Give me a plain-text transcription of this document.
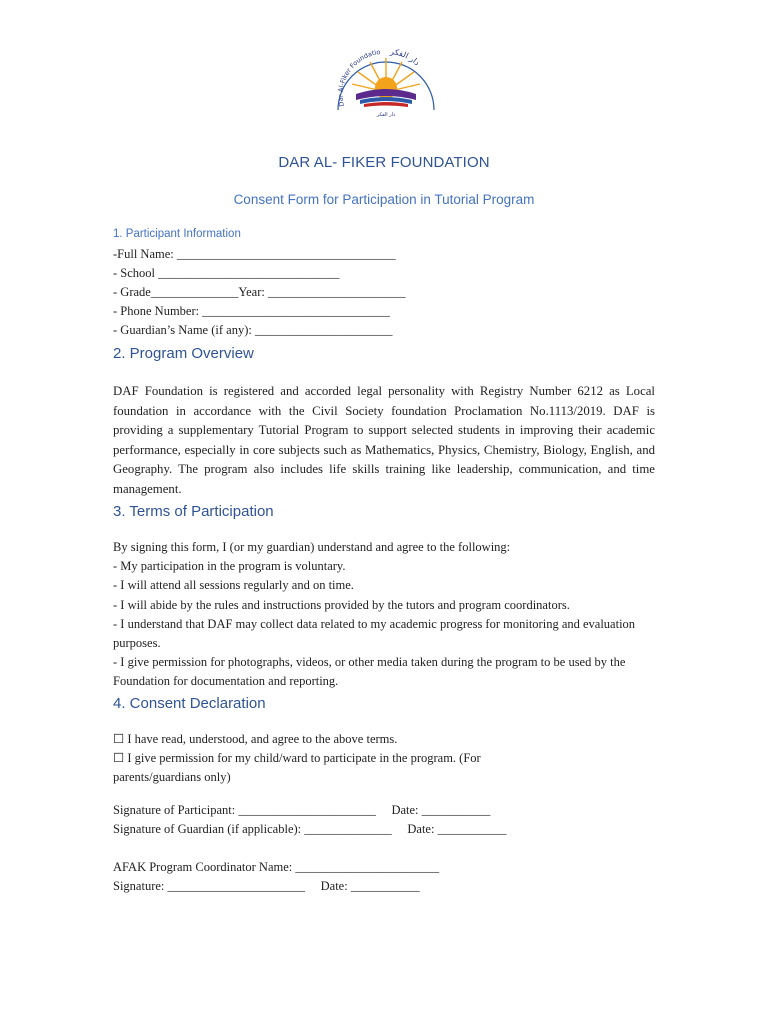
Dar Al-Fiker Foundatio دار الفكر
دار الفكر
DAR AL- FIKER FOUNDATION
Consent Form for Participation in Tutorial Program
1. Participant Information
-Full Name: ___________________________________
- School _____________________________
- Grade______________Year: ______________________
- Phone Number: ______________________________
- Guardian’s Name (if any): ______________________
2. Program Overview
DAF Foundation is registered and accorded legal personality with Registry Number 6212 as Local foundation in accordance with the Civil Society foundation Proclamation No.1113/2019. DAF is providing a supplementary Tutorial Program to support selected students in improving their academic performance, especially in core subjects such as Mathematics, Physics, Chemistry, Biology, English, and Geography. The program also includes life skills training like leadership, communication, and time management.
3. Terms of Participation
By signing this form, I (or my guardian) understand and agree to the following:
- My participation in the program is voluntary.
- I will attend all sessions regularly and on time.
- I will abide by the rules and instructions provided by the tutors and program coordinators.
- I understand that DAF may collect data related to my academic progress for monitoring and evaluation purposes.
- I give permission for photographs, videos, or other media taken during the program to be used by the Foundation for documentation and reporting.
4. Consent Declaration
☐ I have read, understood, and agree to the above terms.
☐ I give permission for my child/ward to participate in the program. (For parents/guardians only)
Signature of Participant: ______________________     Date: ___________
Signature of Guardian (if applicable): ______________     Date: ___________
AFAK Program Coordinator Name: _______________________
Signature: ______________________     Date: ___________
